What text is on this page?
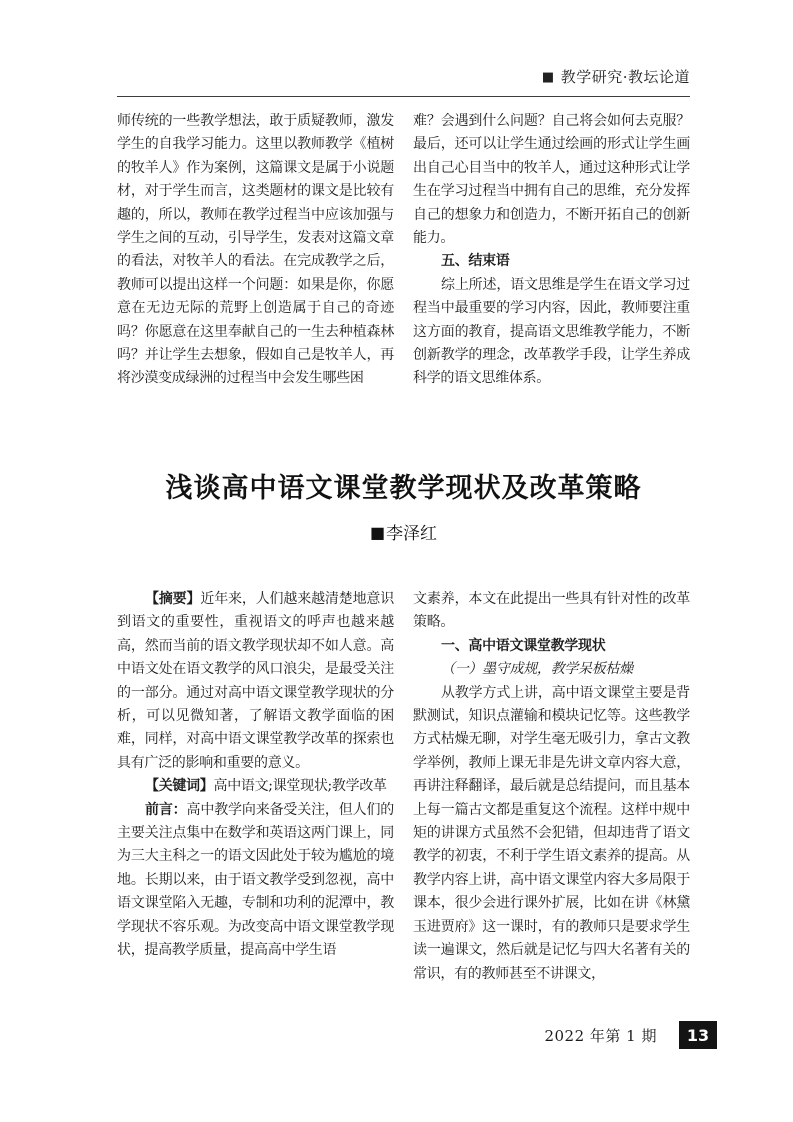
■ 教学研究·教坛论道

师传统的一些教学想法，敢于质疑教师，激发学生的自我学习能力。这里以教师教学《植树的牧羊人》作为案例，这篇课文是属于小说题材，对于学生而言，这类题材的课文是比较有趣的，所以，教师在教学过程当中应该加强与学生之间的互动，引导学生，发表对这篇文章的看法，对牧羊人的看法。在完成教学之后，教师可以提出这样一个问题：如果是你，你愿意在无边无际的荒野上创造属于自己的奇迹吗？你愿意在这里奉献自己的一生去种植森林吗？并让学生去想象，假如自己是牧羊人，再将沙漠变成绿洲的过程当中会发生哪些困

难？会遇到什么问题？自己将会如何去克服？最后，还可以让学生通过绘画的形式让学生画出自己心目当中的牧羊人，通过这种形式让学生在学习过程当中拥有自己的思维，充分发挥自己的想象力和创造力，不断开拓自己的创新能力。

五、结束语

综上所述，语文思维是学生在语文学习过程当中最重要的学习内容，因此，教师要注重这方面的教育，提高语文思维教学能力，不断创新教学的理念，改革教学手段，让学生养成科学的语文思维体系。

浅谈高中语文课堂教学现状及改革策略
■李泽红

【摘要】近年来，人们越来越清楚地意识到语文的重要性，重视语文的呼声也越来越高，然而当前的语文教学现状却不如人意。高中语文处在语文教学的风口浪尖，是最受关注的一部分。通过对高中语文课堂教学现状的分析，可以见微知著，了解语文教学面临的困难，同样，对高中语文课堂教学改革的探索也具有广泛的影响和重要的意义。

【关键词】高中语文;课堂现状;教学改革

前言：高中教学向来备受关注，但人们的主要关注点集中在数学和英语这两门课上，同为三大主科之一的语文因此处于较为尴尬的境地。长期以来，由于语文教学受到忽视，高中语文课堂陷入无趣，专制和功利的泥潭中，教学现状不容乐观。为改变高中语文课堂教学现状，提高教学质量，提高高中学生语

文素养，本文在此提出一些具有针对性的改革策略。

一、高中语文课堂教学现状

（一）墨守成规，教学呆板枯燥

从教学方式上讲，高中语文课堂主要是背默测试，知识点灌输和模块记忆等。这些教学方式枯燥无聊，对学生毫无吸引力，拿古文教学举例，教师上课无非是先讲文章内容大意，再讲注释翻译，最后就是总结提问，而且基本上每一篇古文都是重复这个流程。这样中规中矩的讲课方式虽然不会犯错，但却违背了语文教学的初衷，不利于学生语文素养的提高。从教学内容上讲，高中语文课堂内容大多局限于课本，很少会进行课外扩展，比如在讲《林黛玉进贾府》这一课时，有的教师只是要求学生读一遍课文，然后就是记忆与四大名著有关的常识，有的教师甚至不讲课文，

2022 年第 1 期	13
